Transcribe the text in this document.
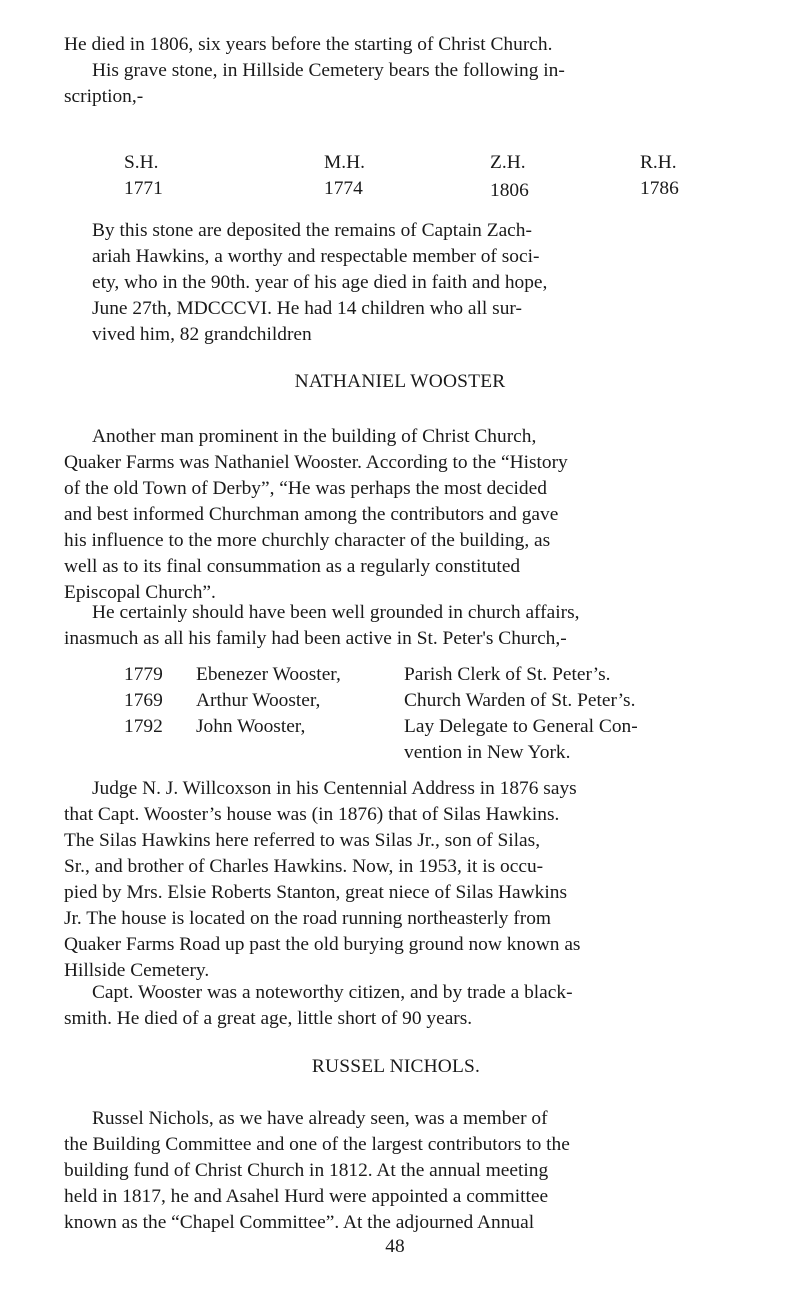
He died in 1806, six years before the starting of Christ Church.
His grave stone, in Hillside Cemetery bears the following in-
scription,-
S.H.	M.H.	Z.H.	R.H.
1771	1774	1806	1786
By this stone are deposited the remains of Captain Zach-
ariah Hawkins, a worthy and respectable member of soci-
ety, who in the 90th. year of his age died in faith and hope,
June 27th, MDCCCVI. He had 14 children who all sur-
vived him, 82 grandchildren
NATHANIEL WOOSTER
Another man prominent in the building of Christ Church,
Quaker Farms was Nathaniel Wooster. According to the “History
of the old Town of Derby”, “He was perhaps the most decided
and best informed Churchman among the contributors and gave
his influence to the more churchly character of the building, as
well as to its final consummation as a regularly constituted
Episcopal Church”.
He certainly should have been well grounded in church affairs,
inasmuch as all his family had been active in St. Peter's Church,-
1779 Ebenezer Wooster,	Parish Clerk of St. Peter’s.
1769 Arthur Wooster,	Church Warden of St. Peter’s.
1792 John Wooster,	Lay Delegate to General Con-
vention in New York.
Judge N. J. Willcoxson in his Centennial Address in 1876 says
that Capt. Wooster’s house was (in 1876) that of Silas Hawkins.
The Silas Hawkins here referred to was Silas Jr., son of Silas,
Sr., and brother of Charles Hawkins. Now, in 1953, it is occu-
pied by Mrs. Elsie Roberts Stanton, great niece of Silas Hawkins
Jr. The house is located on the road running northeasterly from
Quaker Farms Road up past the old burying ground now known as
Hillside Cemetery.
Capt. Wooster was a noteworthy citizen, and by trade a black-
smith. He died of a great age, little short of 90 years.
RUSSEL NICHOLS.
Russel Nichols, as we have already seen, was a member of
the Building Committee and one of the largest contributors to the
building fund of Christ Church in 1812. At the annual meeting
held in 1817, he and Asahel Hurd were appointed a committee
known as the “Chapel Committee”. At the adjourned Annual
48
